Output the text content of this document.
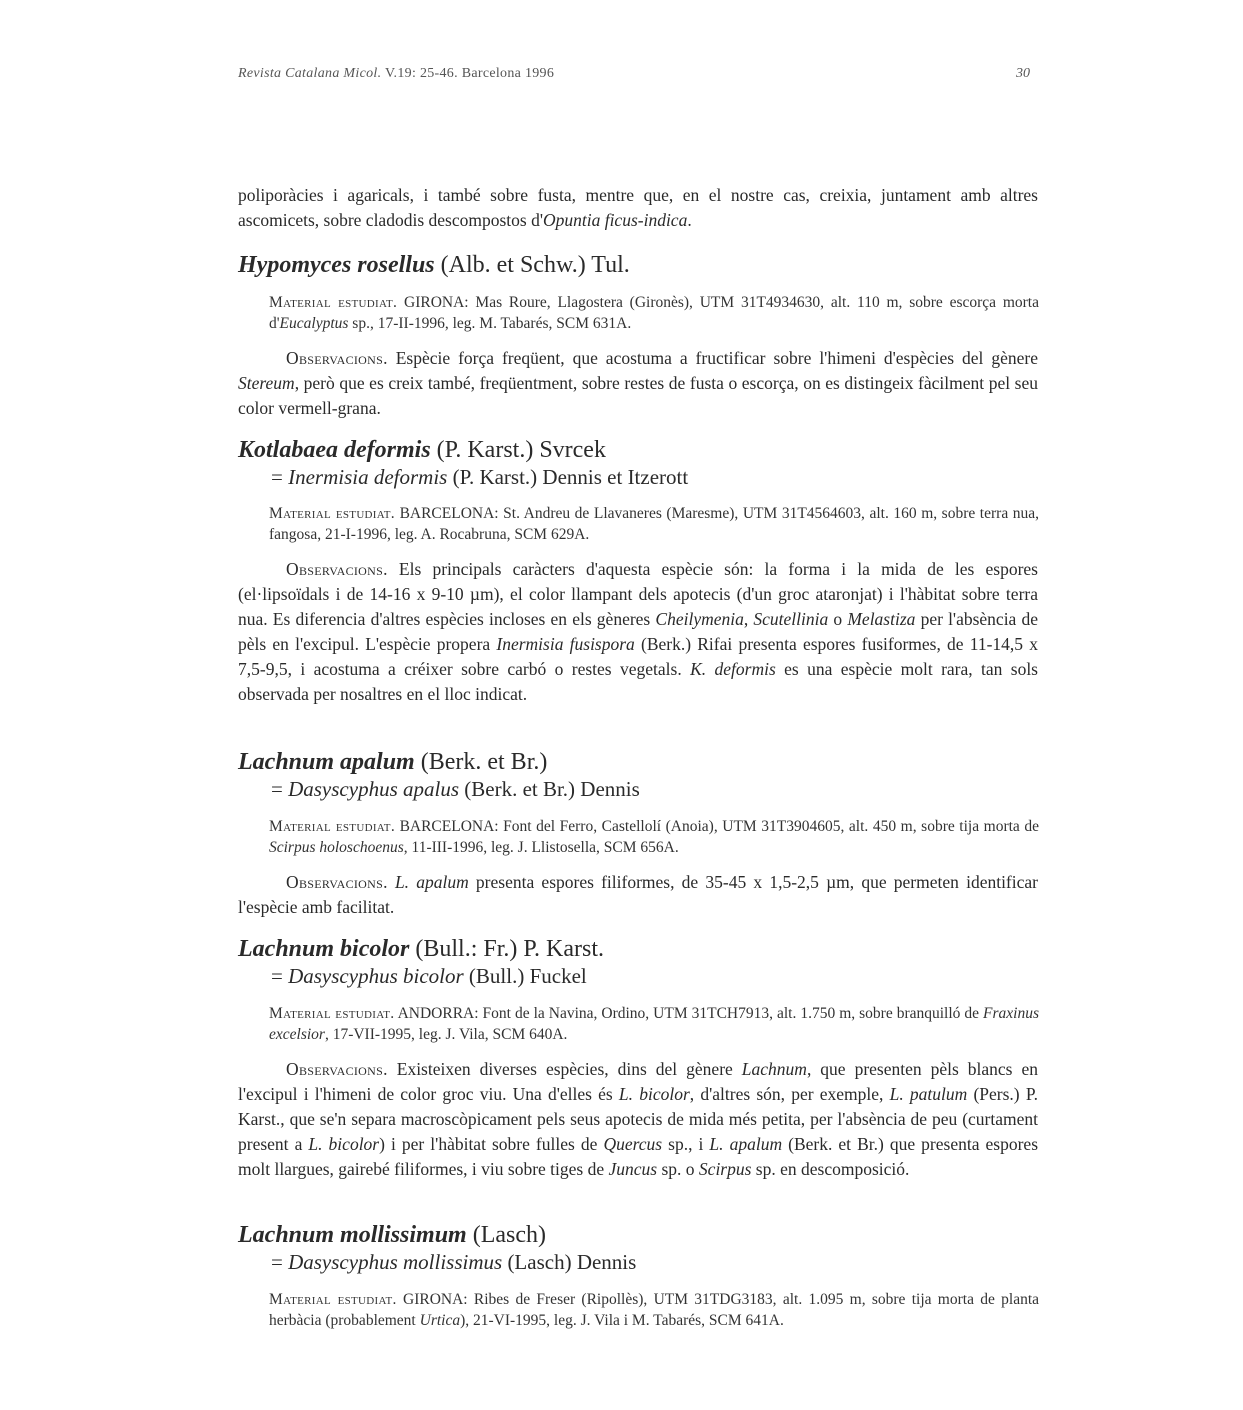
Revista Catalana Micol. V.19: 25-46. Barcelona 1996	30
poliporàcies i agaricals, i també sobre fusta, mentre que, en el nostre cas, creixia, juntament amb altres ascomicets, sobre cladodis descompostos d'Opuntia ficus-indica.
Hypomyces rosellus (Alb. et Schw.) Tul.
Material estudiat. GIRONA: Mas Roure, Llagostera (Gironès), UTM 31T4934630, alt. 110 m, sobre escorça morta d'Eucalyptus sp., 17-II-1996, leg. M. Tabarés, SCM 631A.
Observacions. Espècie força freqüent, que acostuma a fructificar sobre l'himeni d'espècies del gènere Stereum, però que es creix també, freqüentment, sobre restes de fusta o escorça, on es distingeix fàcilment pel seu color vermell-grana.
Kotlabaea deformis (P. Karst.) Svrcek
= Inermisia deformis (P. Karst.) Dennis et Itzerott
Material estudiat. BARCELONA: St. Andreu de Llavaneres (Maresme), UTM 31T4564603, alt. 160 m, sobre terra nua, fangosa, 21-I-1996, leg. A. Rocabruna, SCM 629A.
Observacions. Els principals caràcters d'aquesta espècie són: la forma i la mida de les espores (el·lipsoïdals i de 14-16 x 9-10 µm), el color llampant dels apotecis (d'un groc ataronjat) i l'hàbitat sobre terra nua. Es diferencia d'altres espècies incloses en els gèneres Cheilymenia, Scutellinia o Melastiza per l'absència de pèls en l'excipul. L'espècie propera Inermisia fusispora (Berk.) Rifai presenta espores fusiformes, de 11-14,5 x 7,5-9,5, i acostuma a créixer sobre carbó o restes vegetals. K. deformis es una espècie molt rara, tan sols observada per nosaltres en el lloc indicat.
Lachnum apalum (Berk. et Br.)
= Dasyscyphus apalus (Berk. et Br.) Dennis
Material estudiat. BARCELONA: Font del Ferro, Castellolí (Anoia), UTM 31T3904605, alt. 450 m, sobre tija morta de Scirpus holoschoenus, 11-III-1996, leg. J. Llistosella, SCM 656A.
Observacions. L. apalum presenta espores filiformes, de 35-45 x 1,5-2,5 µm, que permeten identificar l'espècie amb facilitat.
Lachnum bicolor (Bull.: Fr.) P. Karst.
= Dasyscyphus bicolor (Bull.) Fuckel
Material estudiat. ANDORRA: Font de la Navina, Ordino, UTM 31TCH7913, alt. 1.750 m, sobre branquilló de Fraxinus excelsior, 17-VII-1995, leg. J. Vila, SCM 640A.
Observacions. Existeixen diverses espècies, dins del gènere Lachnum, que presenten pèls blancs en l'excipul i l'himeni de color groc viu. Una d'elles és L. bicolor, d'altres són, per exemple, L. patulum (Pers.) P. Karst., que se'n separa macroscòpicament pels seus apotecis de mida més petita, per l'absència de peu (curtament present a L. bicolor) i per l'hàbitat sobre fulles de Quercus sp., i L. apalum (Berk. et Br.) que presenta espores molt llargues, gairebé filiformes, i viu sobre tiges de Juncus sp. o Scirpus sp. en descomposició.
Lachnum mollissimum (Lasch)
= Dasyscyphus mollissimus (Lasch) Dennis
Material estudiat. GIRONA: Ribes de Freser (Ripollès), UTM 31TDG3183, alt. 1.095 m, sobre tija morta de planta herbàcia (probablement Urtica), 21-VI-1995, leg. J. Vila i M. Tabarés, SCM 641A.
